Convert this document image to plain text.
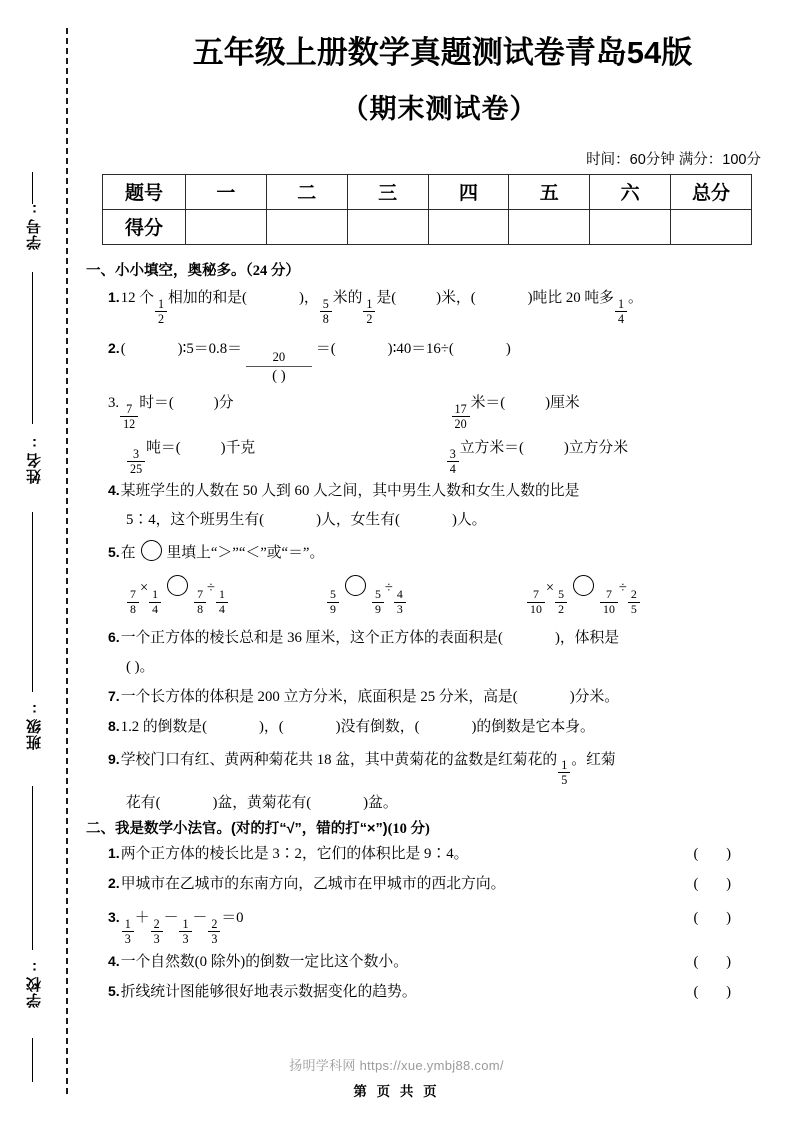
学号:
姓名:
班级:
学校:
五年级上册数学真题测试卷青岛54版
（期末测试卷）

时间：60分钟 满分：100分

题号	一	二	三	四	五	六	总分
得分							
一、小小填空，奥秘多。（24 分）
1.12 个 $\frac{1}{2}$ 相加的和是(	)， $\frac{5}{8}$ 米的 $\frac{1}{2}$ 是(	)米，(	)吨比 20 吨多 $\frac{1}{4}$ 。
2.(	)∶5＝0.8＝
$\frac{20}{( )}$
＝(	)∶40＝16÷(	)
3. $\frac{7}{12}$ 时＝(	)分	$\frac{17}{20}$ 米＝(	)厘米
$\frac{3}{25}$ 吨＝(	)千克	$\frac{3}{4}$ 立方米＝(	)立方分米
4.某班学生的人数在 50 人到 60 人之间，其中男生人数和女生人数的比是
5∶4，这个班男生有(	)人，女生有(	)人。
5.在 里填上“＞”“＜”或“＝”。
$\frac{7}{8}$
×
$\frac{1}{4}$	$\frac{7}{8}$
÷
$\frac{1}{4}$	$\frac{5}{9}$	$\frac{5}{9}$
÷
$\frac{4}{3}$	$\frac{7}{10}$
×
$\frac{5}{2}$	$\frac{7}{10}$
÷
$\frac{2}{5}$
6.一个正方体的棱长总和是 36 厘米，这个正方体的表面积是(	)，体积是
( )。
7.一个长方体的体积是 200 立方分米，底面积是 25 分米，高是(	)分米。
8.1.2 的倒数是(	)，(	)没有倒数，(	)的倒数是它本身。
9.学校门口有红、黄两种菊花共 18 盆，其中黄菊花的盆数是红菊花的 $\frac{1}{5}$ 。红菊
花有(	)盆，黄菊花有(	)盆。
二、我是数学小法官。(对的打“√”，错的打“×”)(10 分)
1.两个正方体的棱长比是 3∶2，它们的体积比是 9∶4。	( )
2.甲城市在乙城市的东南方向，乙城市在甲城市的西北方向。	( )
3.
$\frac{1}{3} + \frac{2}{3} - \frac{1}{3} - \frac{2}{3} =0$	( )
4.一个自然数(0 除外)的倒数一定比这个数小。	( )
5.折线统计图能够很好地表示数据变化的趋势。	( )

扬明学科网 https://xue.ymbj88.com/

第 页 共 页
